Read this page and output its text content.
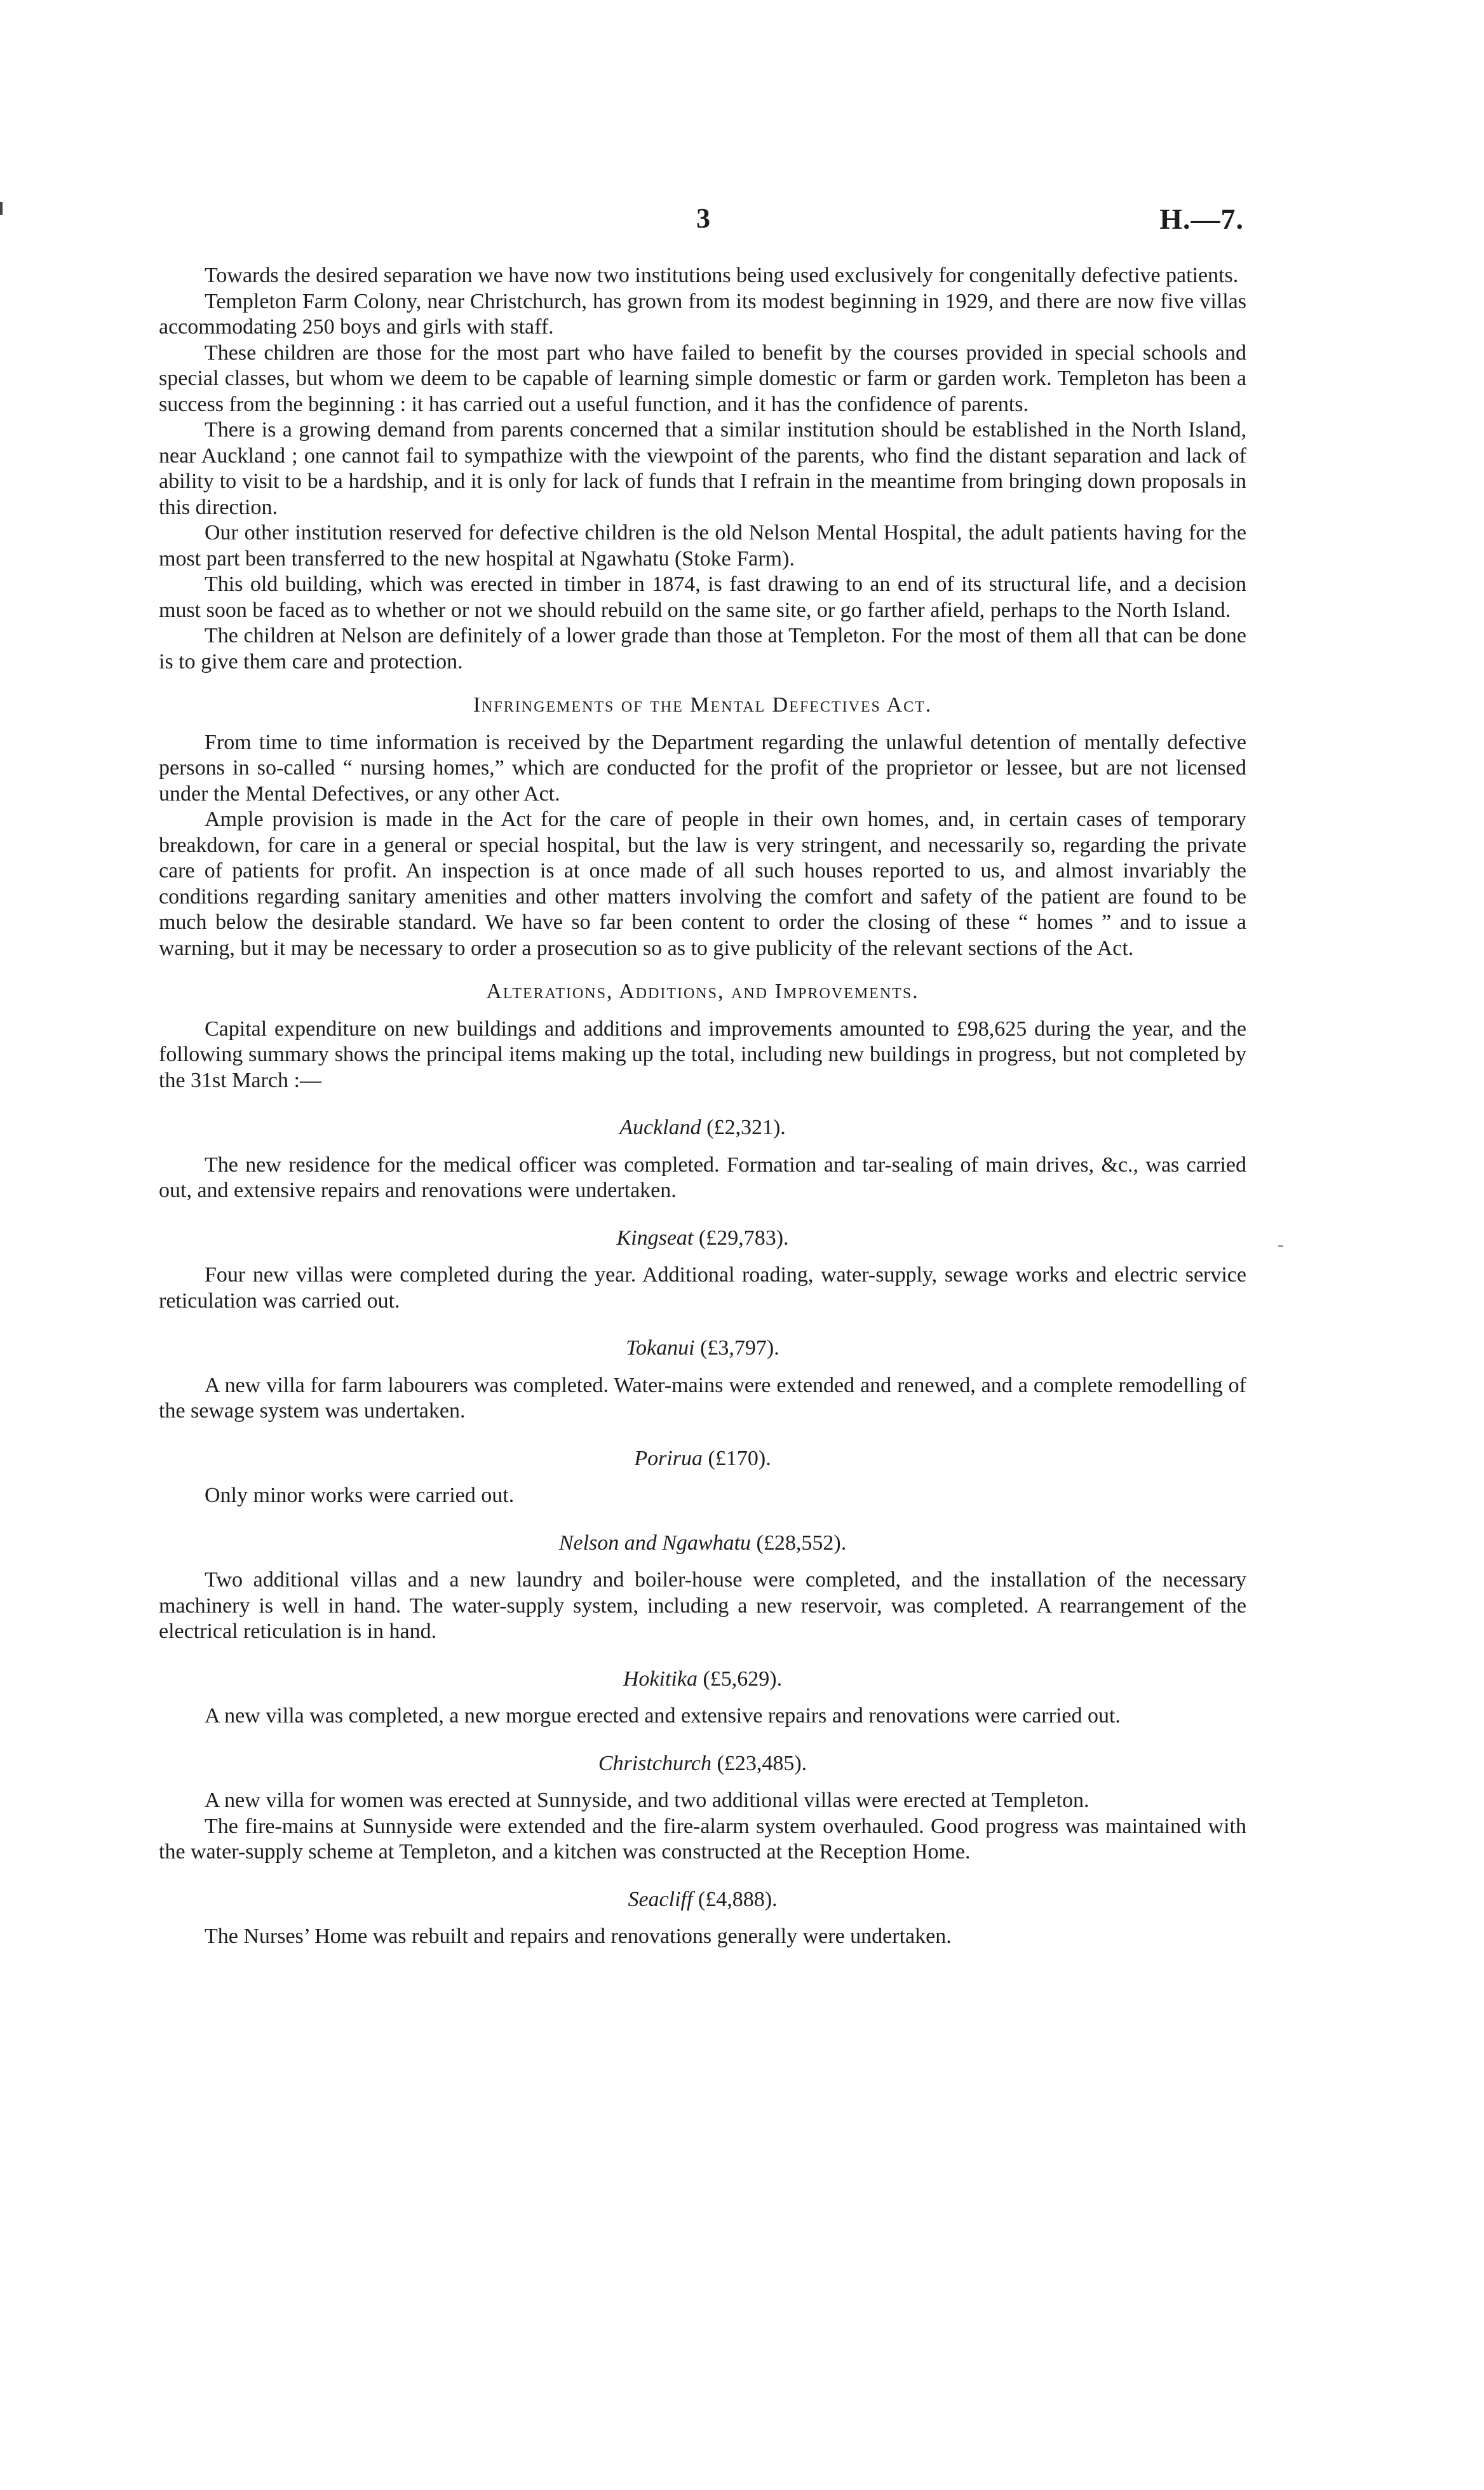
3	H.—7.

Towards the desired separation we have now two institutions being used exclusively for congenitally defective patients.

Templeton Farm Colony, near Christchurch, has grown from its modest beginning in 1929, and there are now five villas accommodating 250 boys and girls with staff.

These children are those for the most part who have failed to benefit by the courses provided in special schools and special classes, but whom we deem to be capable of learning simple domestic or farm or garden work. Templeton has been a success from the beginning : it has carried out a useful function, and it has the confidence of parents.

There is a growing demand from parents concerned that a similar institution should be established in the North Island, near Auckland ; one cannot fail to sympathize with the viewpoint of the parents, who find the distant separation and lack of ability to visit to be a hardship, and it is only for lack of funds that I refrain in the meantime from bringing down proposals in this direction.

Our other institution reserved for defective children is the old Nelson Mental Hospital, the adult patients having for the most part been transferred to the new hospital at Ngawhatu (Stoke Farm).

This old building, which was erected in timber in 1874, is fast drawing to an end of its structural life, and a decision must soon be faced as to whether or not we should rebuild on the same site, or go farther afield, perhaps to the North Island.

The children at Nelson are definitely of a lower grade than those at Templeton. For the most of them all that can be done is to give them care and protection.

Infringements of the Mental Defectives Act.

From time to time information is received by the Department regarding the unlawful detention of mentally defective persons in so-called “ nursing homes,” which are conducted for the profit of the proprietor or lessee, but are not licensed under the Mental Defectives, or any other Act.

Ample provision is made in the Act for the care of people in their own homes, and, in certain cases of temporary breakdown, for care in a general or special hospital, but the law is very stringent, and necessarily so, regarding the private care of patients for profit. An inspection is at once made of all such houses reported to us, and almost invariably the conditions regarding sanitary amenities and other matters involving the comfort and safety of the patient are found to be much below the desirable standard. We have so far been content to order the closing of these “ homes ” and to issue a warning, but it may be necessary to order a prosecution so as to give publicity of the relevant sections of the Act.

Alterations, Additions, and Improvements.

Capital expenditure on new buildings and additions and improvements amounted to £98,625 during the year, and the following summary shows the principal items making up the total, including new buildings in progress, but not completed by the 31st March :—

Auckland (£2,321).

The new residence for the medical officer was completed. Formation and tar-sealing of main drives, &c., was carried out, and extensive repairs and renovations were undertaken.

Kingseat (£29,783).

Four new villas were completed during the year. Additional roading, water-supply, sewage works and electric service reticulation was carried out.

Tokanui (£3,797).

A new villa for farm labourers was completed. Water-mains were extended and renewed, and a complete remodelling of the sewage system was undertaken.

Porirua (£170).

Only minor works were carried out.

Nelson and Ngawhatu (£28,552).

Two additional villas and a new laundry and boiler-house were completed, and the installation of the necessary machinery is well in hand. The water-supply system, including a new reservoir, was completed. A rearrangement of the electrical reticulation is in hand.

Hokitika (£5,629).

A new villa was completed, a new morgue erected and extensive repairs and renovations were carried out.

Christchurch (£23,485).

A new villa for women was erected at Sunnyside, and two additional villas were erected at Templeton.

The fire-mains at Sunnyside were extended and the fire-alarm system overhauled. Good progress was maintained with the water-supply scheme at Templeton, and a kitchen was constructed at the Reception Home.

Seacliff (£4,888).

The Nurses’ Home was rebuilt and repairs and renovations generally were undertaken.
